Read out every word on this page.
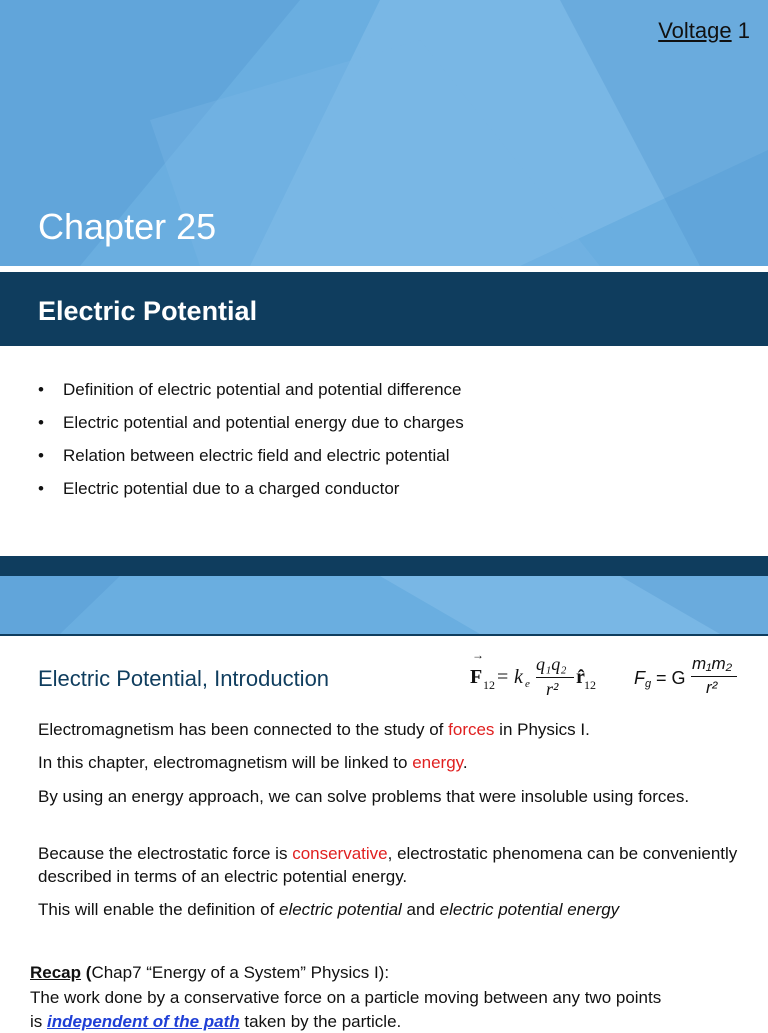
Voltage 1
Chapter 25
Electric Potential
• Definition of electric potential and potential difference
• Electric potential and potential energy due to charges
• Relation between electric field and electric potential
• Electric potential due to a charged conductor
Electric Potential, Introduction
→
F 12 = k e
q₁q₂
r²
r̂ 12 F g = G
m₁m₂
r²

Electromagnetism has been connected to the study of forces in Physics I.

In this chapter, electromagnetism will be linked to energy.

By using an energy approach, we can solve problems that were insoluble using forces.

Because the electrostatic force is conservative, electrostatic phenomena can be conveniently described in terms of an electric potential energy.

This will enable the definition of electric potential and electric potential energy

Recap (Chap7 “Energy of a System” Physics I):

The work done by a conservative force on a particle moving between any two points

is independent of the path taken by the particle.
